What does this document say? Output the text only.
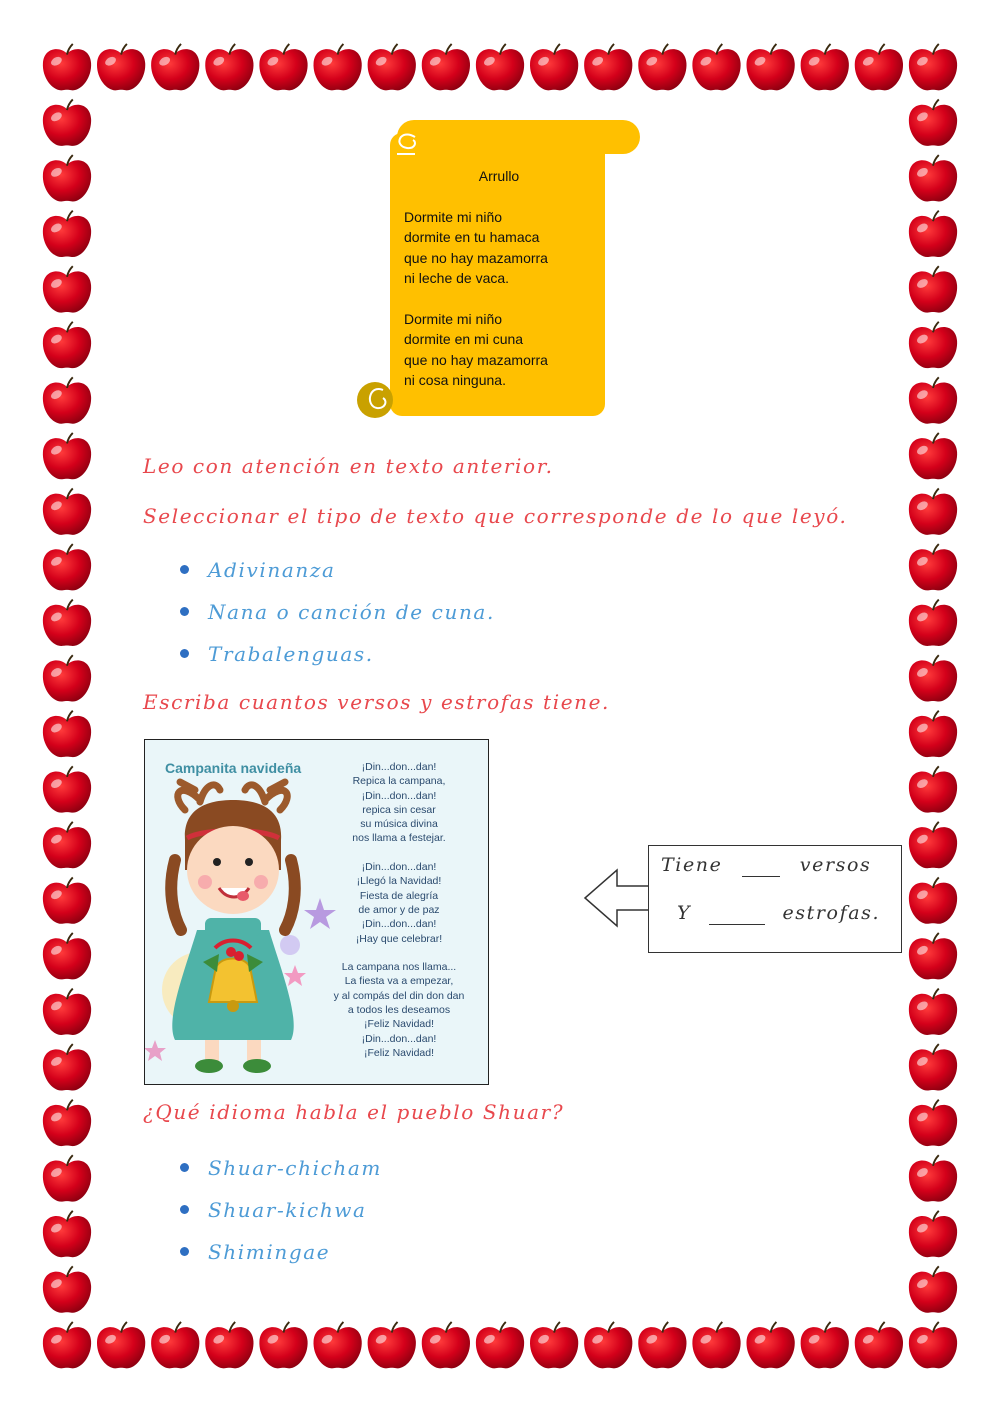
Arrullo
Dormite mi niño
dormite en tu hamaca
que no hay mazamorra
ni leche de vaca.
Dormite mi niño
dormite en mi cuna
que no hay mazamorra
ni cosa ninguna.
Leo con atención en texto anterior.
Seleccionar el tipo de texto que corresponde de lo que leyó.
Adivinanza
Nana o canción de cuna.
Trabalenguas.
Escriba cuantos versos y estrofas tiene.
Campanita navideña	¡Din...don...dan!
Repica la campana,
¡Din...don...dan!
repica sin cesar
su música divina
nos llama a festejar.
¡Din...don...dan!
¡Llegó la Navidad!
Fiesta de alegría
de amor y de paz
¡Din...don...dan!
¡Hay que celebrar!
La campana nos llama...
La fiesta va a empezar,
y al compás del din don dan
a todos les deseamos
¡Feliz Navidad!
¡Din...don...dan!
¡Feliz Navidad!
Tiene	versos
Y	estrofas.
¿Qué idioma habla el pueblo Shuar?
Shuar-chicham
Shuar-kichwa
Shimingae
